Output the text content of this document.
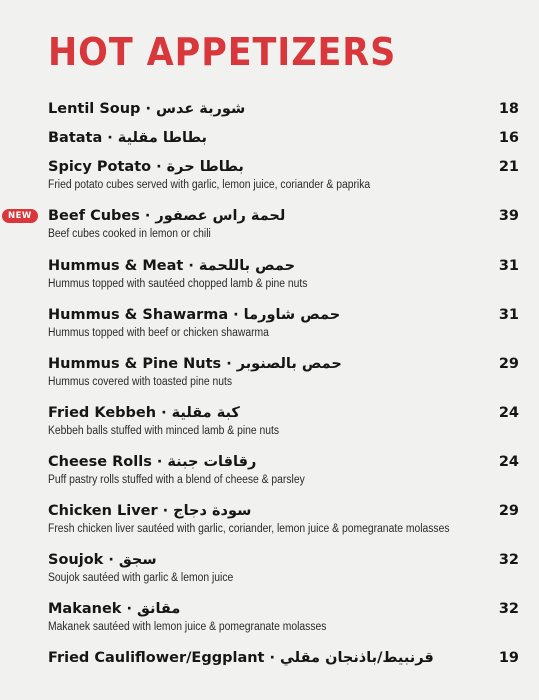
HOT APPETIZERS
Lentil Soup · شوربة عدس	18
Batata · بطاطا مقلية	16
Spicy Potato · بطاطا حرة	21
Fried potato cubes served with garlic, lemon juice, coriander & paprika
NEW	Beef Cubes · لحمة راس عصفور	39
Beef cubes cooked in lemon or chili
Hummus & Meat · حمص باللحمة	31
Hummus topped with sautéed chopped lamb & pine nuts
Hummus & Shawarma · حمص شاورما	31
Hummus topped with beef or chicken shawarma
Hummus & Pine Nuts · حمص بالصنوبر	29
Hummus covered with toasted pine nuts
Fried Kebbeh · كبة مقلية	24
Kebbeh balls stuffed with minced lamb & pine nuts
Cheese Rolls · رقاقات جبنة	24
Puff pastry rolls stuffed with a blend of cheese & parsley
Chicken Liver · سودة دجاج	29
Fresh chicken liver sautéed with garlic, coriander, lemon juice & pomegranate molasses
Soujok · سجق	32
Soujok sautéed with garlic & lemon juice
Makanek · مقانق	32
Makanek sautéed with lemon juice & pomegranate molasses
Fried Cauliflower/Eggplant · قرنبيط/باذنجان مقلي	19
